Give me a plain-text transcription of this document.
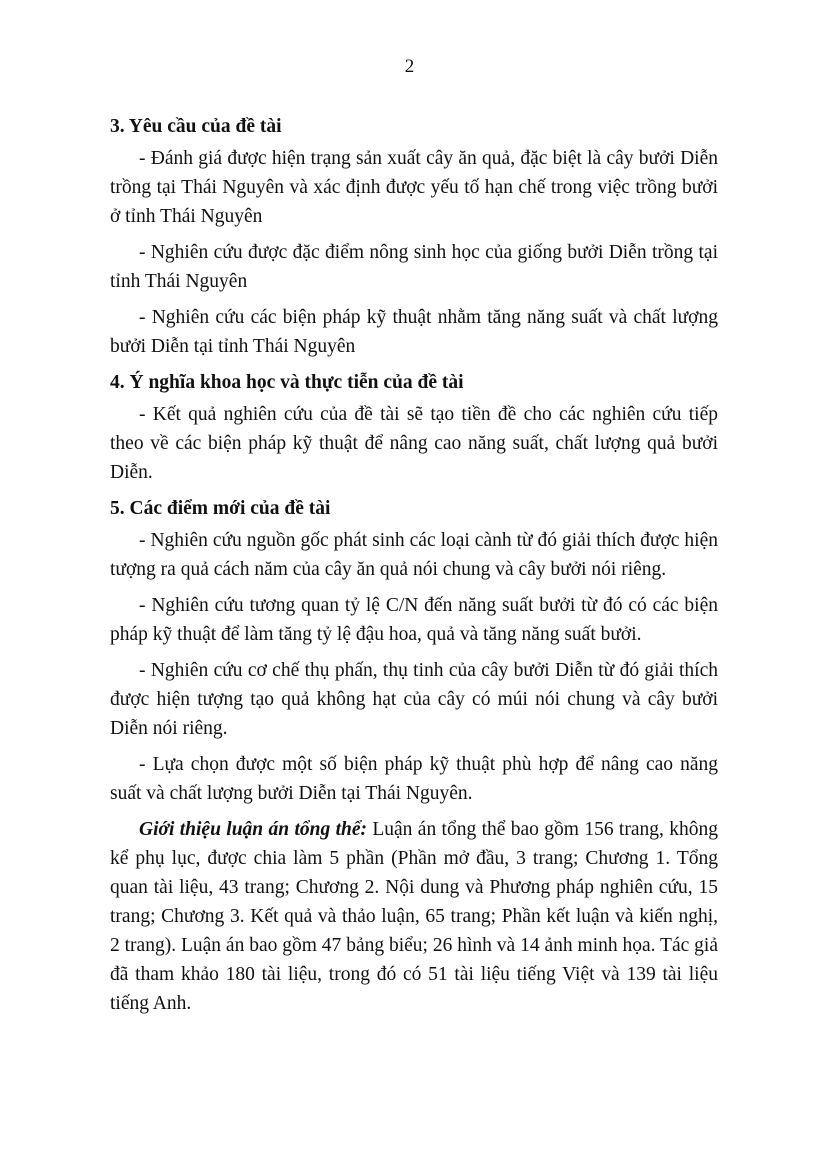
2
3. Yêu cầu của đề tài

- Đánh giá được hiện trạng sản xuất cây ăn quả, đặc biệt là cây bưởi Diễn trồng tại Thái Nguyên và xác định được yếu tố hạn chế trong việc trồng bưởi ở tỉnh Thái Nguyên

- Nghiên cứu được đặc điểm nông sinh học của giống bưởi Diễn trồng tại tỉnh Thái Nguyên

- Nghiên cứu các biện pháp kỹ thuật nhằm tăng năng suất và chất lượng bưởi Diễn tại tỉnh Thái Nguyên

4. Ý nghĩa khoa học và thực tiễn của đề tài

- Kết quả nghiên cứu của đề tài sẽ tạo tiền đề cho các nghiên cứu tiếp theo về các biện pháp kỹ thuật để nâng cao năng suất, chất lượng quả bưởi Diễn.

5. Các điểm mới của đề tài

- Nghiên cứu nguồn gốc phát sinh các loại cành từ đó giải thích được hiện tượng ra quả cách năm của cây ăn quả nói chung và cây bưởi nói riêng.

- Nghiên cứu tương quan tỷ lệ C/N đến năng suất bưởi từ đó có các biện pháp kỹ thuật để làm tăng tỷ lệ đậu hoa, quả và tăng năng suất bưởi.

- Nghiên cứu cơ chế thụ phấn, thụ tinh của cây bưởi Diễn từ đó giải thích được hiện tượng tạo quả không hạt của cây có múi nói chung và cây bưởi Diễn nói riêng.

- Lựa chọn được một số biện pháp kỹ thuật phù hợp để nâng cao năng suất và chất lượng bưởi Diễn tại Thái Nguyên.

Giới thiệu luận án tổng thể: Luận án tổng thể bao gồm 156 trang, không kể phụ lục, được chia làm 5 phần (Phần mở đầu, 3 trang; Chương 1. Tổng quan tài liệu, 43 trang; Chương 2. Nội dung và Phương pháp nghiên cứu, 15 trang; Chương 3. Kết quả và thảo luận, 65 trang; Phần kết luận và kiến nghị, 2 trang). Luận án bao gồm 47 bảng biểu; 26 hình và 14 ảnh minh họa. Tác giả đã tham khảo 180 tài liệu, trong đó có 51 tài liệu tiếng Việt và 139 tài liệu tiếng Anh.
